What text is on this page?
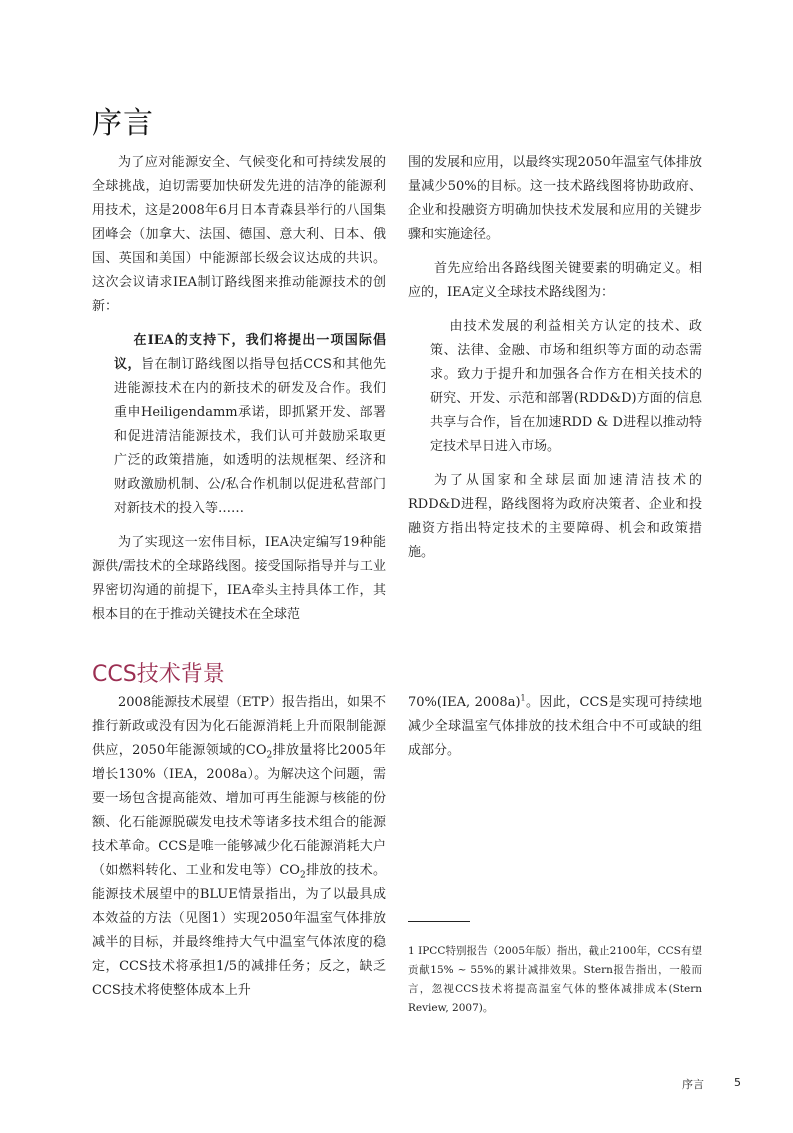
序言

为了应对能源安全、气候变化和可持续发展的全球挑战，迫切需要加快研发先进的洁净的能源利用技术，这是2008年6月日本青森县举行的八国集团峰会（加拿大、法国、德国、意大利、日本、俄国、英国和美国）中能源部长级会议达成的共识。这次会议请求IEA制订路线图来推动能源技术的创新：

在IEA的支持下，我们将提出一项国际倡议，旨在制订路线图以指导包括CCS和其他先进能源技术在内的新技术的研发及合作。我们重申Heiligendamm承诺，即抓紧开发、部署和促进清洁能源技术，我们认可并鼓励采取更广泛的政策措施，如透明的法规框架、经济和财政激励机制、公/私合作机制以促进私营部门对新技术的投入等……

为了实现这一宏伟目标，IEA决定编写19种能源供/需技术的全球路线图。接受国际指导并与工业界密切沟通的前提下，IEA牵头主持具体工作，其根本目的在于推动关键技术在全球范

围的发展和应用，以最终实现2050年温室气体排放量减少50%的目标。这一技术路线图将协助政府、企业和投融资方明确加快技术发展和应用的关键步骤和实施途径。

首先应给出各路线图关键要素的明确定义。相应的，IEA定义全球技术路线图为：

由技术发展的利益相关方认定的技术、政策、法律、金融、市场和组织等方面的动态需求。致力于提升和加强各合作方在相关技术的研究、开发、示范和部署(RDD&D)方面的信息共享与合作，旨在加速RDD & D进程以推动特定技术早日进入市场。

为了从国家和全球层面加速清洁技术的RDD&D进程，路线图将为政府决策者、企业和投融资方指出特定技术的主要障碍、机会和政策措施。

CCS技术背景

2008能源技术展望（ETP）报告指出，如果不推行新政或没有因为化石能源消耗上升而限制能源供应，2050年能源领域的$CO_2$排放量将比2005年增长130%（IEA，2008a）。为解决这个问题，需要一场包含提高能效、增加可再生能源与核能的份额、化石能源脱碳发电技术等诸多技术组合的能源技术革命。CCS是唯一能够减少化石能源消耗大户（如燃料转化、工业和发电等）$CO_2$排放的技术。能源技术展望中的BLUE情景指出，为了以最具成本效益的方法（见图1）实现2050年温室气体排放减半的目标，并最终维持大气中温室气体浓度的稳定，CCS技术将承担1/5的减排任务；反之，缺乏CCS技术将使整体成本上升

70%(IEA, 2008a)$^1$。因此，CCS是实现可持续地减少全球温室气体排放的技术组合中不可或缺的组成部分。

1 IPCC特别报告（2005年版）指出，截止2100年，CCS有望贡献15% ~ 55%的累计减排效果。Stern报告指出，一般而言，忽视CCS技术将提高温室气体的整体减排成本(Stern Review, 2007)。

序言	5
